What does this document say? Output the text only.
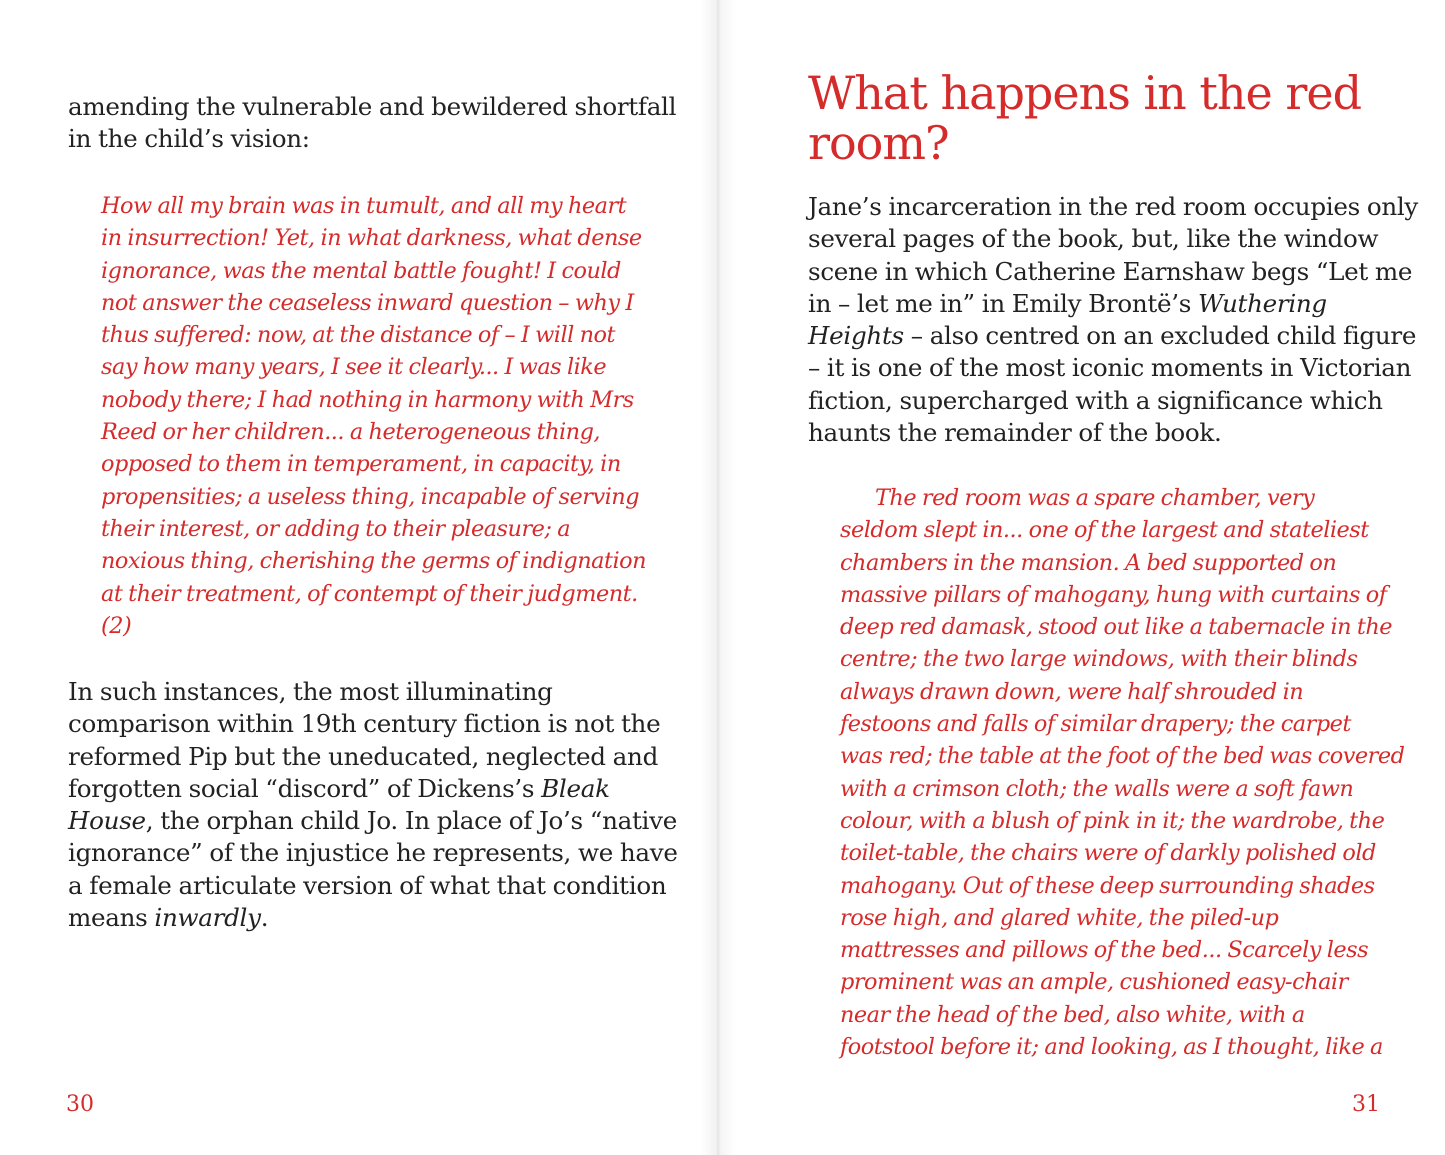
amending the vulnerable and bewildered shortfall
in the child’s vision:

How all my brain was in tumult, and all my heart
in insurrection! Yet, in what darkness, what dense
ignorance, was the mental battle fought! I could
not answer the ceaseless inward question – why I
thus suffered: now, at the distance of – I will not
say how many years, I see it clearly... I was like
nobody there; I had nothing in harmony with Mrs
Reed or her children... a heterogeneous thing,
opposed to them in temperament, in capacity, in
propensities; a useless thing, incapable of serving
their interest, or adding to their pleasure; a
noxious thing, cherishing the germs of indignation
at their treatment, of contempt of their judgment.
(2)

In such instances, the most illuminating
comparison within 19th century fiction is not the
reformed Pip but the uneducated, neglected and
forgotten social “discord” of Dickens’s Bleak
House, the orphan child Jo. In place of Jo’s “native
ignorance” of the injustice he represents, we have
a female articulate version of what that condition
means inwardly.

30

What happens in the red
room?

Jane’s incarceration in the red room occupies only
several pages of the book, but, like the window
scene in which Catherine Earnshaw begs “Let me
in – let me in” in Emily Brontë’s Wuthering
Heights – also centred on an excluded child figure
– it is one of the most iconic moments in Victorian
fiction, supercharged with a significance which
haunts the remainder of the book.

The red room was a spare chamber, very
seldom slept in... one of the largest and stateliest
chambers in the mansion. A bed supported on
massive pillars of mahogany, hung with curtains of
deep red damask, stood out like a tabernacle in the
centre; the two large windows, with their blinds
always drawn down, were half shrouded in
festoons and falls of similar drapery; the carpet
was red; the table at the foot of the bed was covered
with a crimson cloth; the walls were a soft fawn
colour, with a blush of pink in it; the wardrobe, the
toilet-table, the chairs were of darkly polished old
mahogany. Out of these deep surrounding shades
rose high, and glared white, the piled-up
mattresses and pillows of the bed... Scarcely less
prominent was an ample, cushioned easy-chair
near the head of the bed, also white, with a
footstool before it; and looking, as I thought, like a

31
